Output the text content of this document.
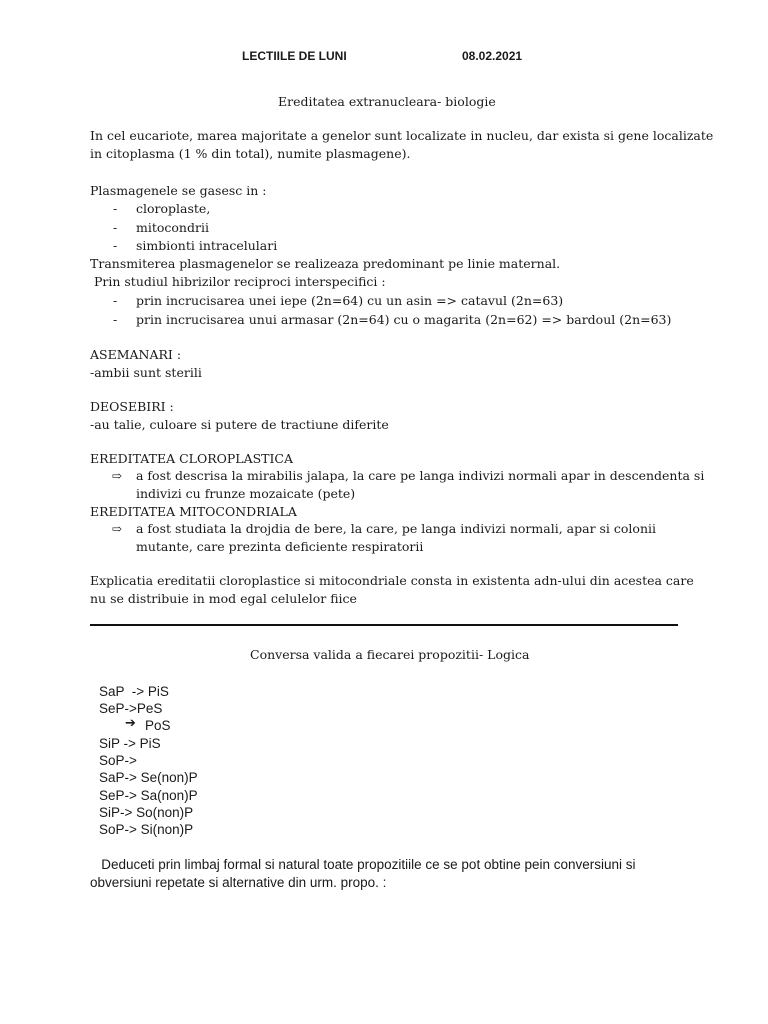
LECTIILE DE LUNI	08.02.2021
Ereditatea extranucleara- biologie
In cel eucariote, marea majoritate a genelor sunt localizate in nucleu, dar exista si gene localizate
in citoplasma (1 % din total), numite plasmagene).
Plasmagenele se gasesc in :
- cloroplaste,
- mitocondrii
- simbionti intracelulari
Transmiterea plasmagenelor se realizeaza predominant pe linie maternal.
Prin studiul hibrizilor reciproci interspecifici :
- prin incrucisarea unei iepe (2n=64) cu un asin => catavul (2n=63)
- prin incrucisarea unui armasar (2n=64) cu o magarita (2n=62) => bardoul (2n=63)
ASEMANARI :
-ambii sunt sterili
DEOSEBIRI :
-au talie, culoare si putere de tractiune diferite
EREDITATEA CLOROPLASTICA
⇨ a fost descrisa la mirabilis jalapa, la care pe langa indivizi normali apar in descendenta si
indivizi cu frunze mozaicate (pete)
EREDITATEA MITOCONDRIALA
⇨ a fost studiata la drojdia de bere, la care, pe langa indivizi normali, apar si colonii
mutante, care prezinta deficiente respiratorii
Explicatia ereditatii cloroplastice si mitocondriale consta in existenta adn-ului din acestea care
nu se distribuie in mod egal celulelor fiice
Conversa valida a fiecarei propozitii- Logica
SaP  -> PiS
SeP->PeS
➔ PoS
SiP -> PiS
SoP->
SaP-> Se(non)P
SeP-> Sa(non)P
SiP-> So(non)P
SoP-> Si(non)P
Deduceti prin limbaj formal si natural toate propozitiile ce se pot obtine pein conversiuni si
obversiuni repetate si alternative din urm. propo. :
